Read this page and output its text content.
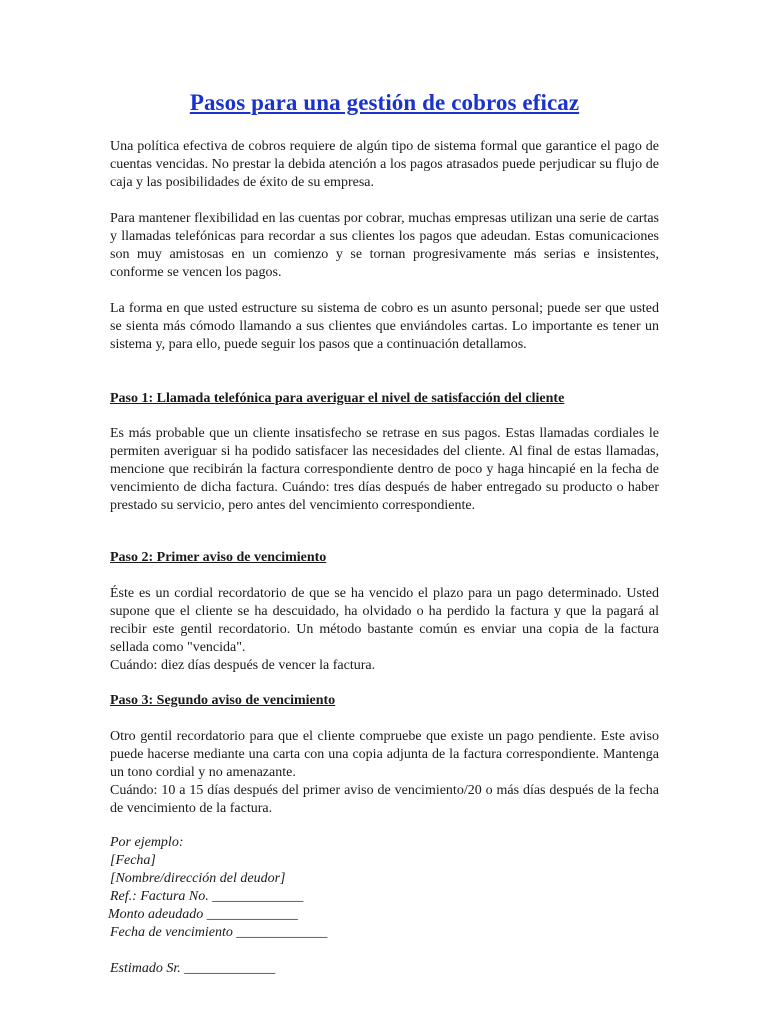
Pasos para una gestión de cobros eficaz

Una política efectiva de cobros requiere de algún tipo de sistema formal que garantice el pago de cuentas vencidas. No prestar la debida atención a los pagos atrasados puede perjudicar su flujo de caja y las posibilidades de éxito de su empresa.

Para mantener flexibilidad en las cuentas por cobrar, muchas empresas utilizan una serie de cartas y llamadas telefónicas para recordar a sus clientes los pagos que adeudan. Estas comunicaciones son muy amistosas en un comienzo y se tornan progresivamente más serias e insistentes, conforme se vencen los pagos.

La forma en que usted estructure su sistema de cobro es un asunto personal; puede ser que usted se sienta más cómodo llamando a sus clientes que enviándoles cartas. Lo importante es tener un sistema y, para ello, puede seguir los pasos que a continuación detallamos.

Paso 1: Llamada telefónica para averiguar el nivel de satisfacción del cliente

Es más probable que un cliente insatisfecho se retrase en sus pagos. Estas llamadas cordiales le permiten averiguar si ha podido satisfacer las necesidades del cliente. Al final de estas llamadas, mencione que recibirán la factura correspondiente dentro de poco y haga hincapié en la fecha de vencimiento de dicha factura. Cuándo: tres días después de haber entregado su producto o haber prestado su servicio, pero antes del vencimiento correspondiente.

Paso 2: Primer aviso de vencimiento

Éste es un cordial recordatorio de que se ha vencido el plazo para un pago determinado. Usted supone que el cliente se ha descuidado, ha olvidado o ha perdido la factura y que la pagará al recibir este gentil recordatorio. Un método bastante común es enviar una copia de la factura sellada como "vencida".

Cuándo: diez días después de vencer la factura.

Paso 3: Segundo aviso de vencimiento

Otro gentil recordatorio para que el cliente compruebe que existe un pago pendiente. Este aviso puede hacerse mediante una carta con una copia adjunta de la factura correspondiente. Mantenga un tono cordial y no amenazante.

Cuándo: 10 a 15 días después del primer aviso de vencimiento/20 o más días después de la fecha de vencimiento de la factura.

Por ejemplo:
[Fecha]
[Nombre/dirección del deudor]
Ref.: Factura No. _____________
Monto adeudado _____________
Fecha de vencimiento _____________
Estimado Sr. _____________
